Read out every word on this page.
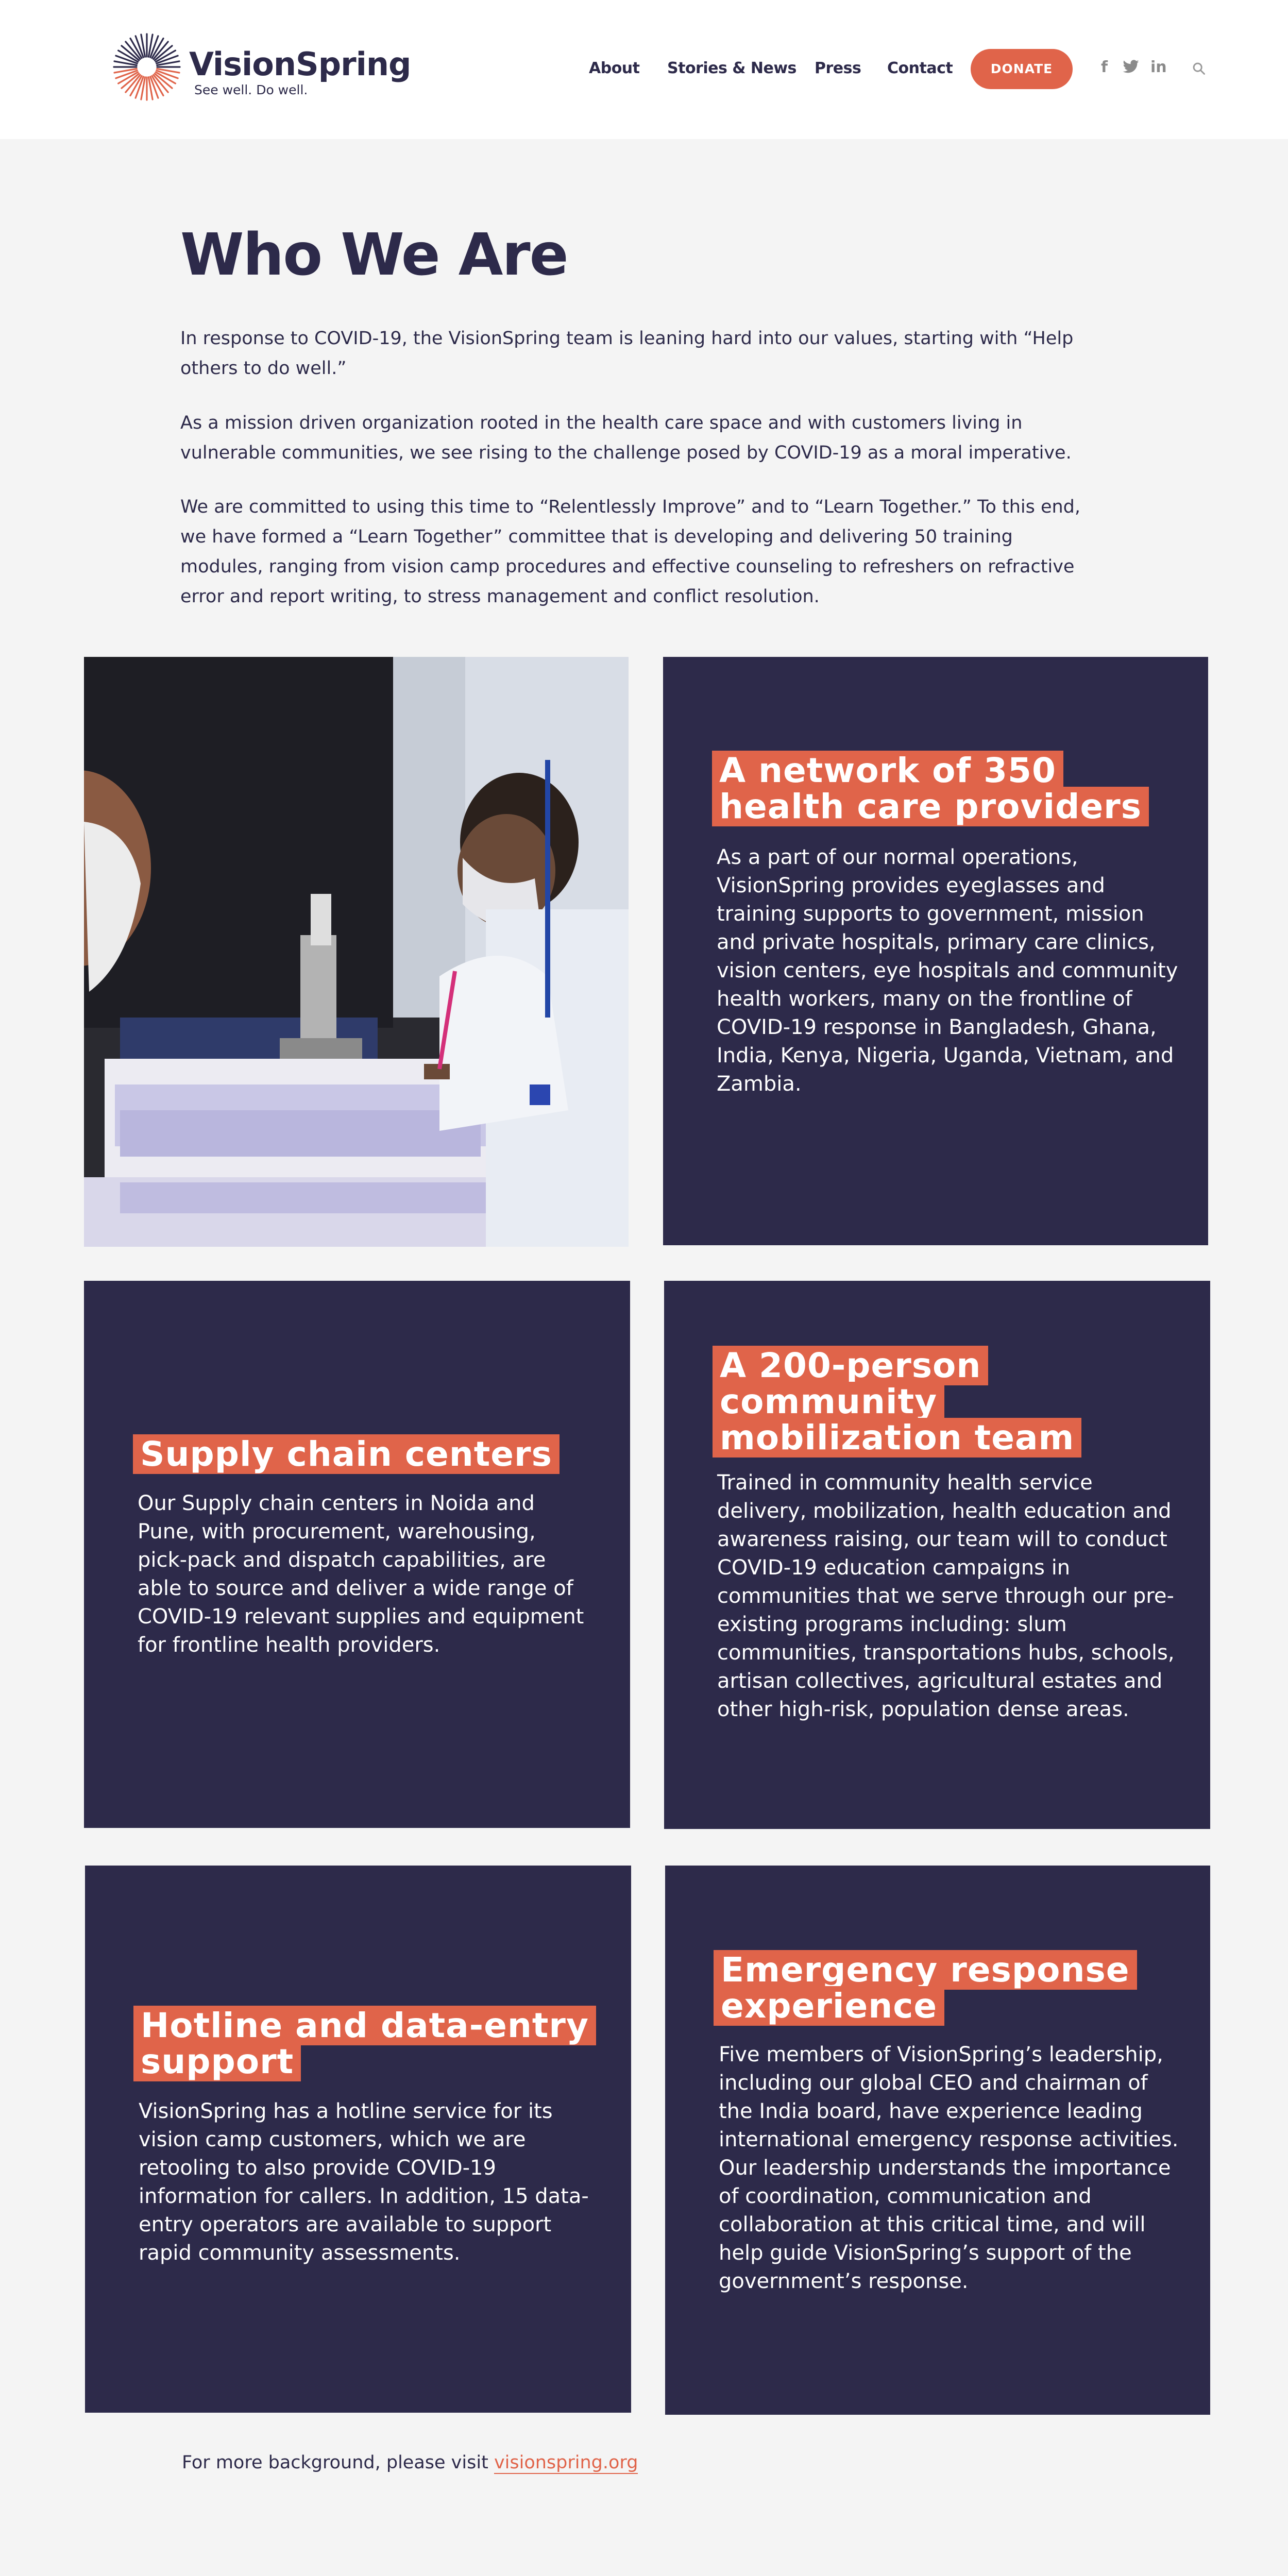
VisionSpring
See well. Do well.
About Stories & News Press Contact	DONATE	f	in
Who We Are

In response to COVID-19, the VisionSpring team is leaning hard into our values, starting with “Help others to do well.”

As a mission driven organization rooted in the health care space and with customers living in vulnerable communities, we see rising to the challenge posed by COVID-19 as a moral imperative.

We are committed to using this time to “Relentlessly Improve” and to “Learn Together.” To this end, we have formed a “Learn Together” committee that is developing and delivering 50 training modules, ranging from vision camp procedures and effective counseling to refreshers on refractive error and report writing, to stress management and conflict resolution.

A network of 350 health care providers

As a part of our normal operations, VisionSpring provides eyeglasses and training supports to government, mission and private hospitals, primary care clinics, vision centers, eye hospitals and community health workers, many on the frontline of COVID-19 response in Bangladesh, Ghana, India, Kenya, Nigeria, Uganda, Vietnam, and Zambia.

Supply chain centers

Our Supply chain centers in Noida and Pune, with procurement, warehousing, pick-pack and dispatch capabilities, are able to source and deliver a wide range of COVID-19 relevant supplies and equipment for frontline health providers.

A 200-person community mobilization team

Trained in community health service delivery, mobilization, health education and awareness raising, our team will to conduct COVID-19 education campaigns in communities that we serve through our pre-existing programs including: slum communities, transportations hubs, schools, artisan collectives, agricultural estates and other high-risk, population dense areas.

Hotline and data-entry support

VisionSpring has a hotline service for its vision camp customers, which we are retooling to also provide COVID-19 information for callers. In addition, 15 data-entry operators are available to support rapid community assessments.

Emergency response experience

Five members of VisionSpring’s leadership, including our global CEO and chairman of the India board, have experience leading international emergency response activities. Our leadership understands the importance of coordination, communication and collaboration at this critical time, and will help guide VisionSpring’s support of the government’s response.

For more background, please visit visionspring.org
